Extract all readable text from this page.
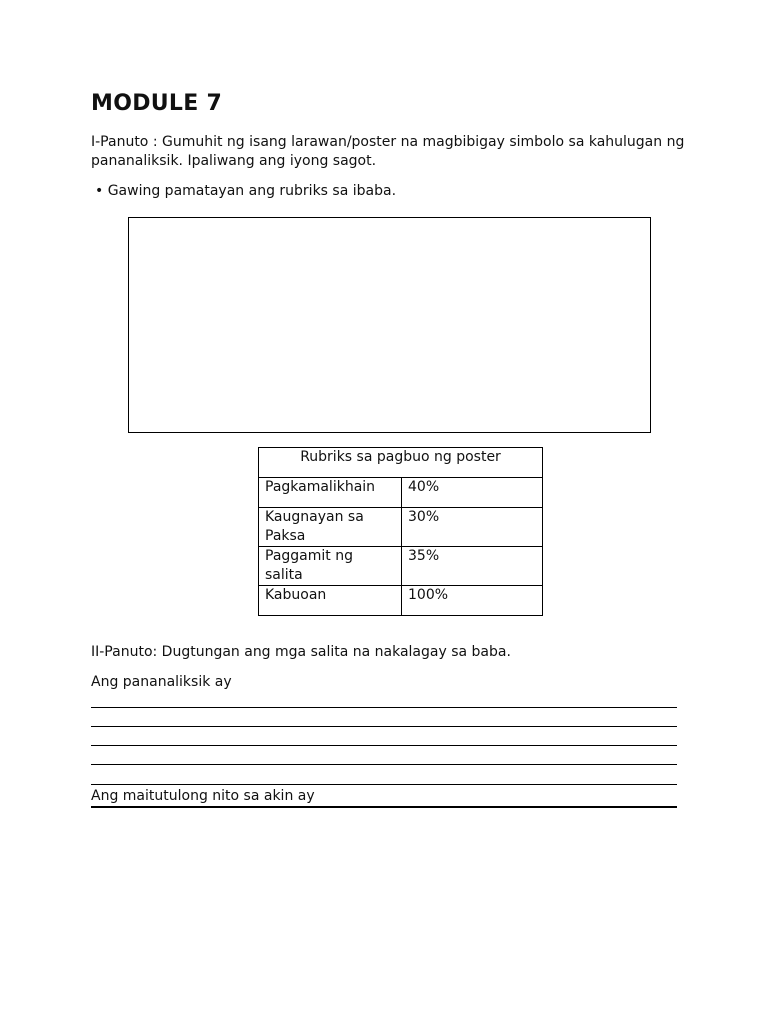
MODULE 7

I-Panuto : Gumuhit ng isang larawan/poster na magbibigay simbolo sa kahulugan ng pananaliksik. Ipaliwang ang iyong sagot.

• Gawing pamatayan ang rubriks sa ibaba.

Rubriks sa pagbuo ng poster	
Pagkamalikhain	40%
Kaugnayan sa Paksa	30%
Paggamit ng salita	35%
Kabuoan	100%

II-Panuto: Dugtungan ang mga salita na nakalagay sa baba.

Ang pananaliksik ay

Ang maitutulong nito sa akin ay
